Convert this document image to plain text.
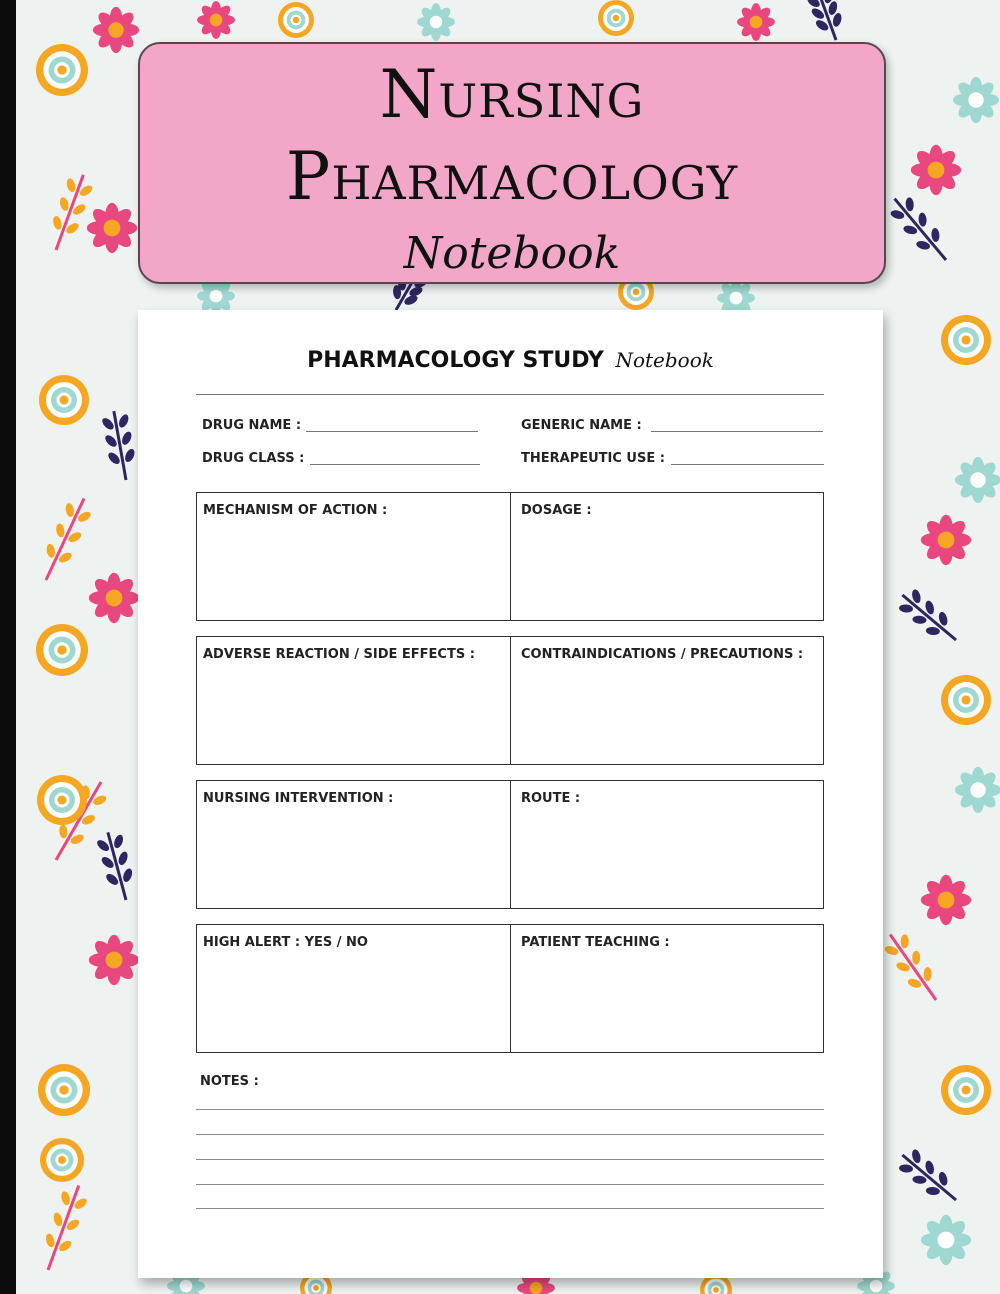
Nursing
Pharmacology
Notebook
PHARMACOLOGY STUDY Notebook
DRUG NAME :	GENERIC NAME :
DRUG CLASS :	THERAPEUTIC USE :
MECHANISM OF ACTION :	DOSAGE :
ADVERSE REACTION / SIDE EFFECTS :	CONTRAINDICATIONS / PRECAUTIONS :
NURSING INTERVENTION :	ROUTE :
HIGH ALERT : YES / NO	PATIENT TEACHING :
NOTES :
